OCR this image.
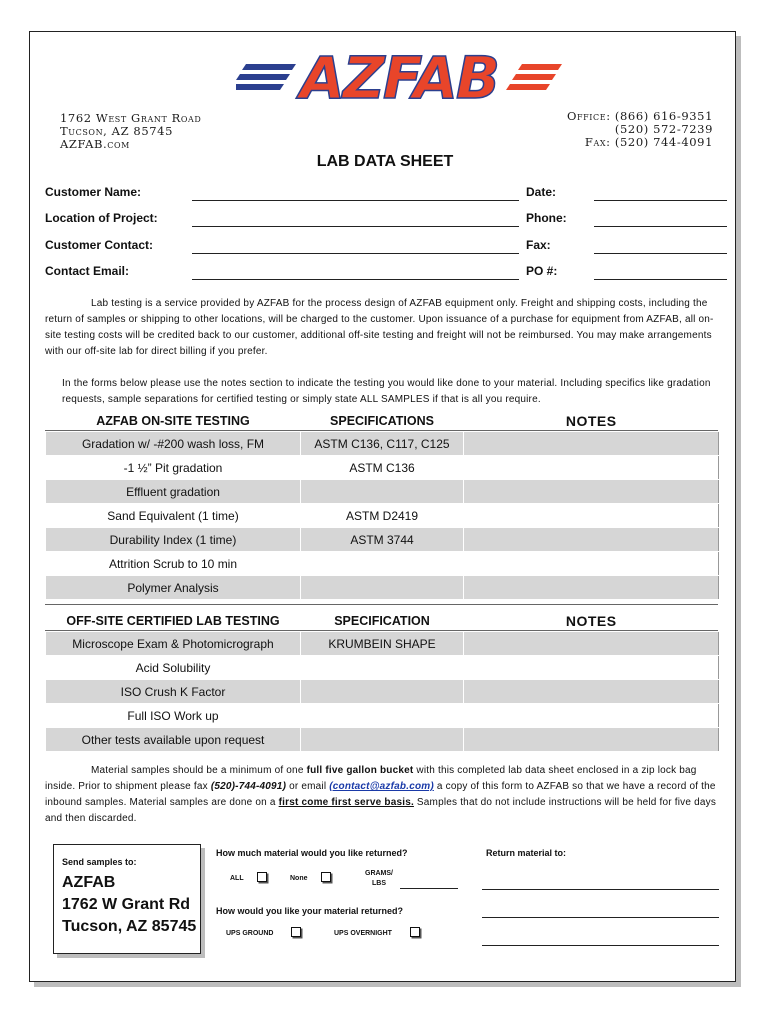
AZFAB
1762 West Grant Road
Tucson, AZ 85745
AZFAB.com
Office: (866) 616-9351
(520) 572-7239
Fax: (520) 744-4091
LAB DATA SHEET
Customer Name:
Location of Project:
Customer Contact:
Contact Email:
Date:
Phone:
Fax:
PO #:

Lab testing is a service provided by AZFAB for the process design of AZFAB equipment only. Freight and shipping costs, including the return of samples or shipping to other locations, will be charged to the customer. Upon issuance of a purchase for equipment from AZFAB, all on-site testing costs will be credited back to our customer, additional off-site testing and freight will not be reimbursed. You may make arrangements with our off-site lab for direct billing if you prefer.

In the forms below please use the notes section to indicate the testing you would like done to your material. Including specifics like gradation requests, sample separations for certified testing or simply state ALL SAMPLES if that is all you require.

AZFAB ON-SITE TESTING	SPECIFICATIONS	NOTES
Gradation w/ -#200 wash loss, FM	ASTM C136, C117, C125	
-1 ½” Pit gradation	ASTM C136	
Effluent gradation		
Sand Equivalent (1 time)	ASTM D2419	
Durability Index (1 time)	ASTM 3744	
Attrition Scrub to 10 min		
Polymer Analysis		
OFF-SITE CERTIFIED LAB TESTING	SPECIFICATION	NOTES
Microscope Exam & Photomicrograph	KRUMBEIN SHAPE	
Acid Solubility		
ISO Crush K Factor		
Full ISO Work up		
Other tests available upon request		

Material samples should be a minimum of one full five gallon bucket with this completed lab data sheet enclosed in a zip lock bag inside. Prior to shipment please fax (520)-744-4091) or email (contact@azfab.com) a copy of this form to AZFAB so that we have a record of the inbound samples. Material samples are done on a first come first serve basis. Samples that do not include instructions will be held for five days and then discarded.

Send samples to:
AZFAB
1762 W Grant Rd
Tucson, AZ 85745
How much material would you like returned?
ALL	None
GRAMS/
LBS
How would you like your material returned?
UPS GROUND	UPS OVERNIGHT
Return material to:
